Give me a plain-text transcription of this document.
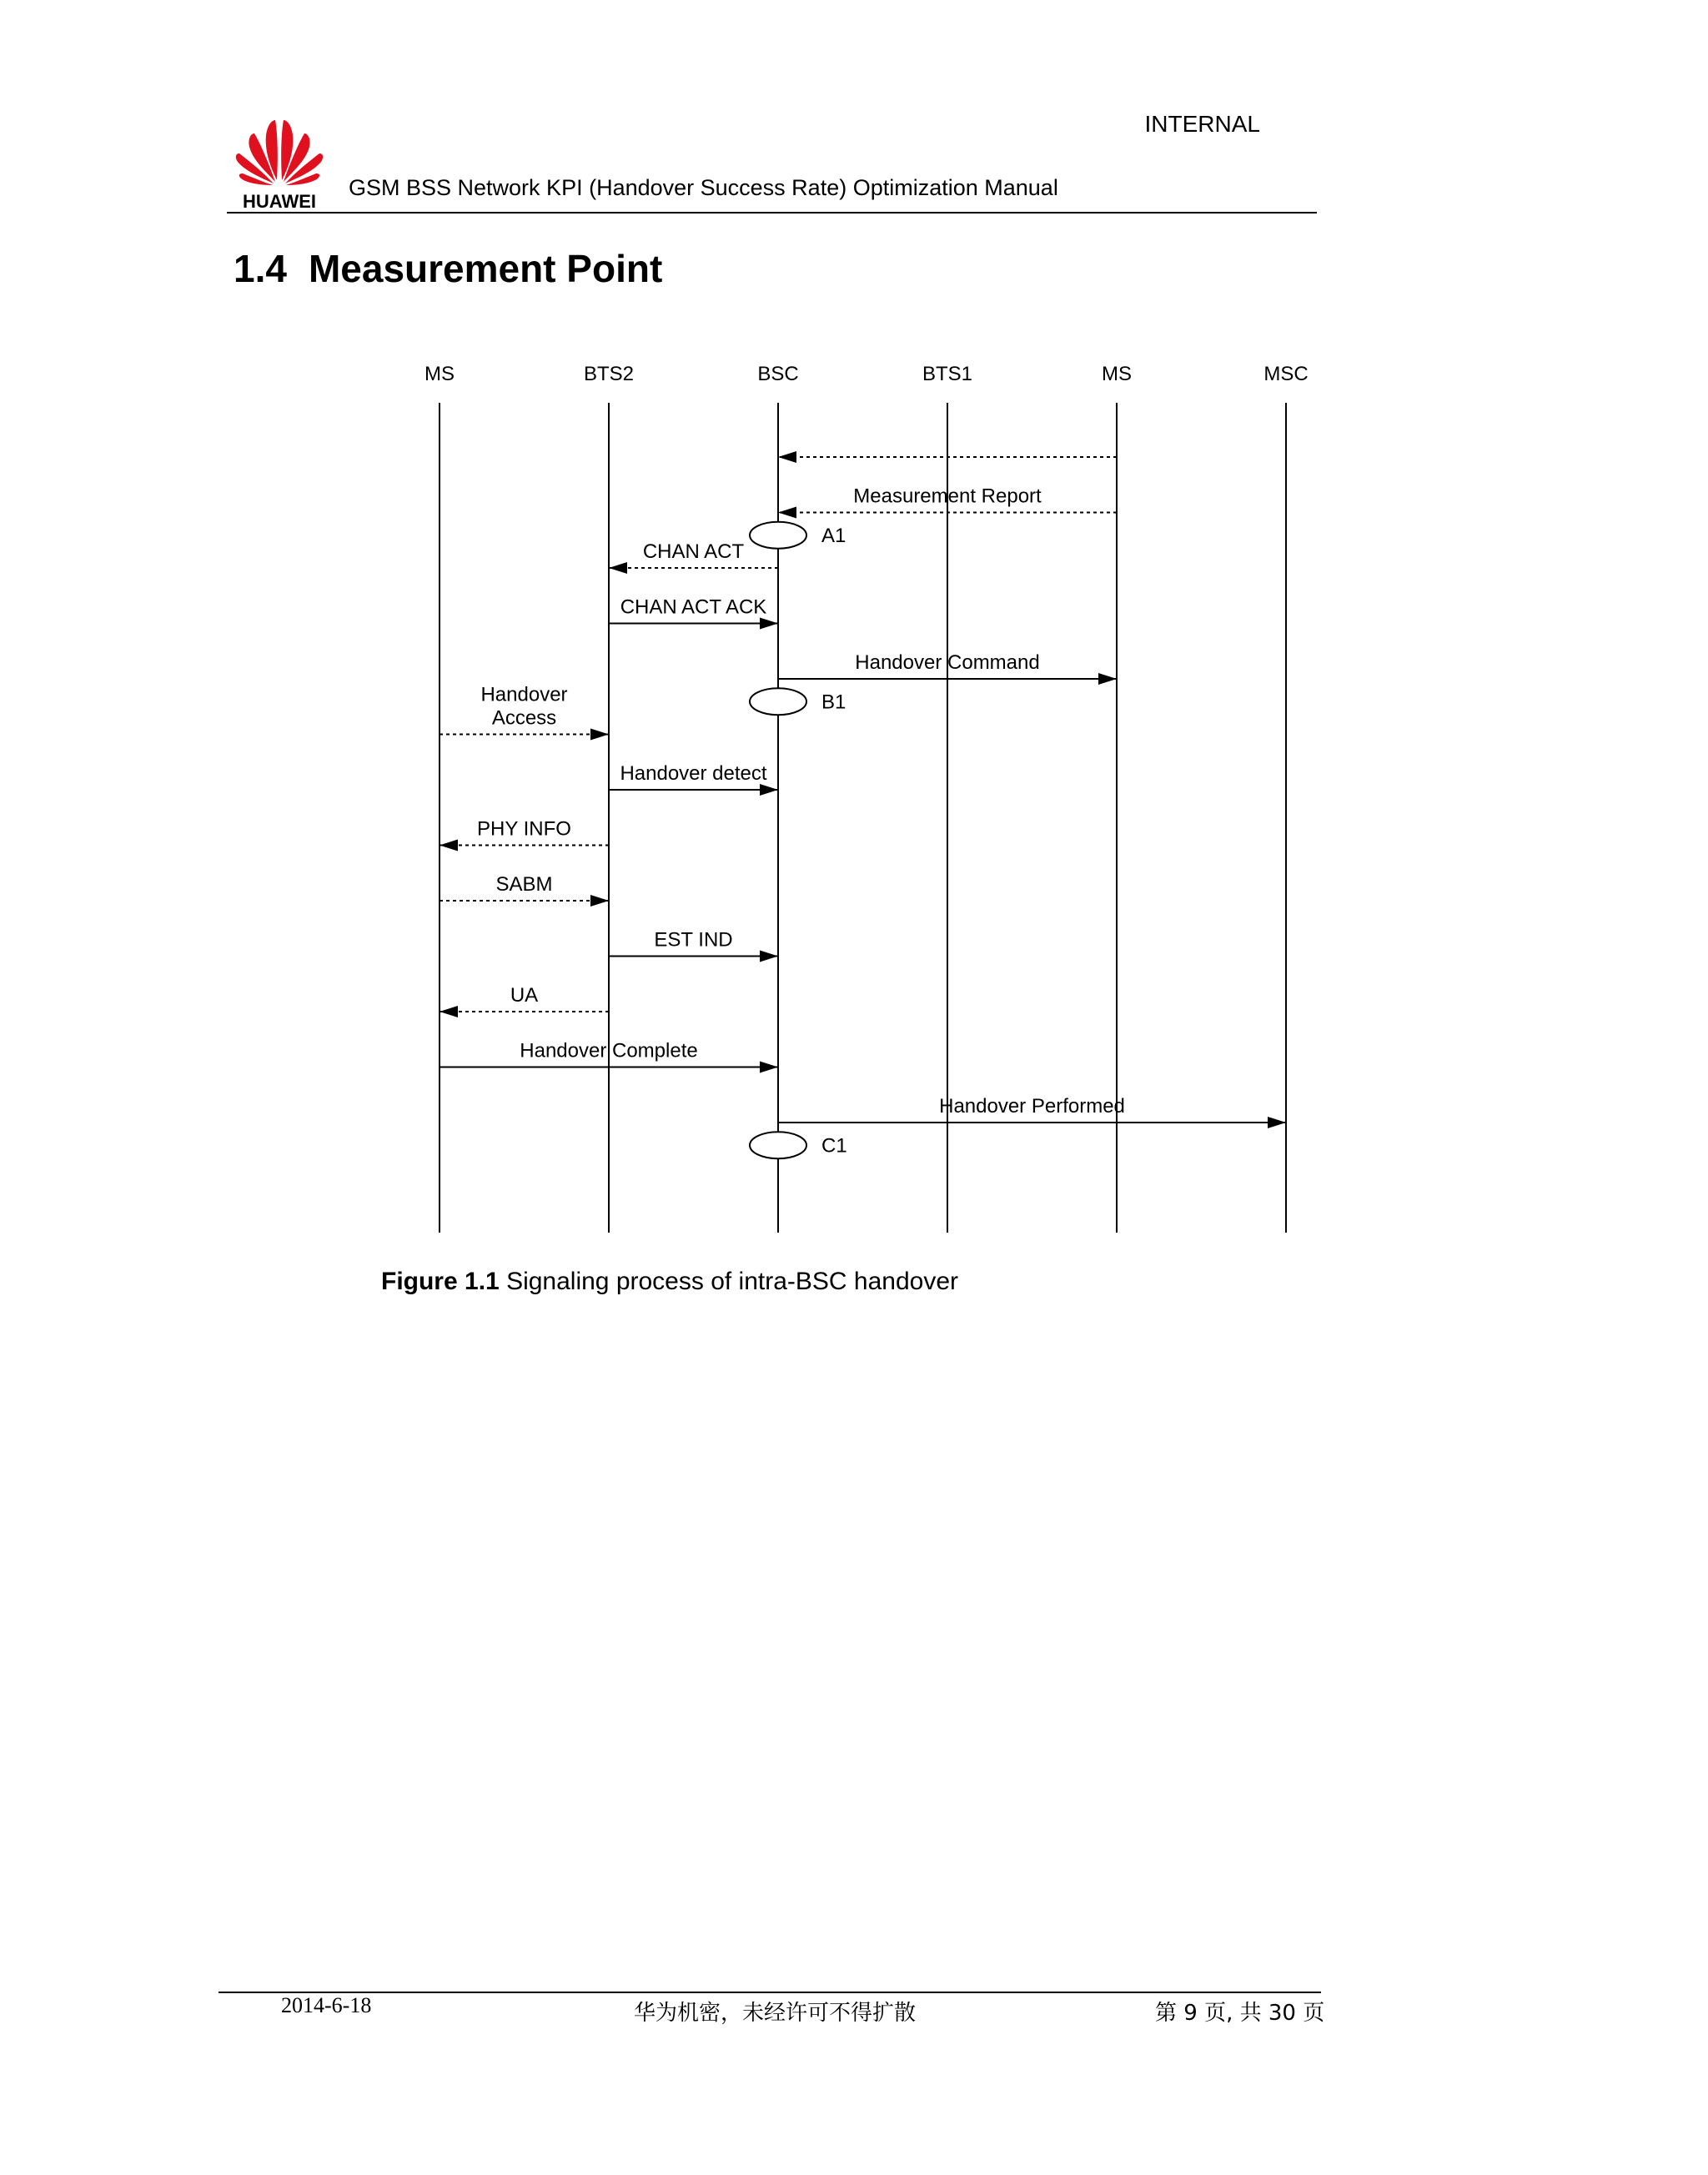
INTERNAL
HUAWEI
GSM BSS Network KPI (Handover Success Rate) Optimization Manual
1.4 Measurement Point
MS	BTS2	BSC	BTS1	MS	MSC
Measurement Report
CHAN ACT
CHAN ACT ACK
Handover Command
Handover
Access
Handover detect
PHY INFO
SABM
EST IND
UA
Handover Complete
Handover Performed
A1
B1
C1
Figure 1.1 Signaling process of intra-BSC handover
2014-6-18	华为机密，未经许可不得扩散	第 9 页, 共 30 页
